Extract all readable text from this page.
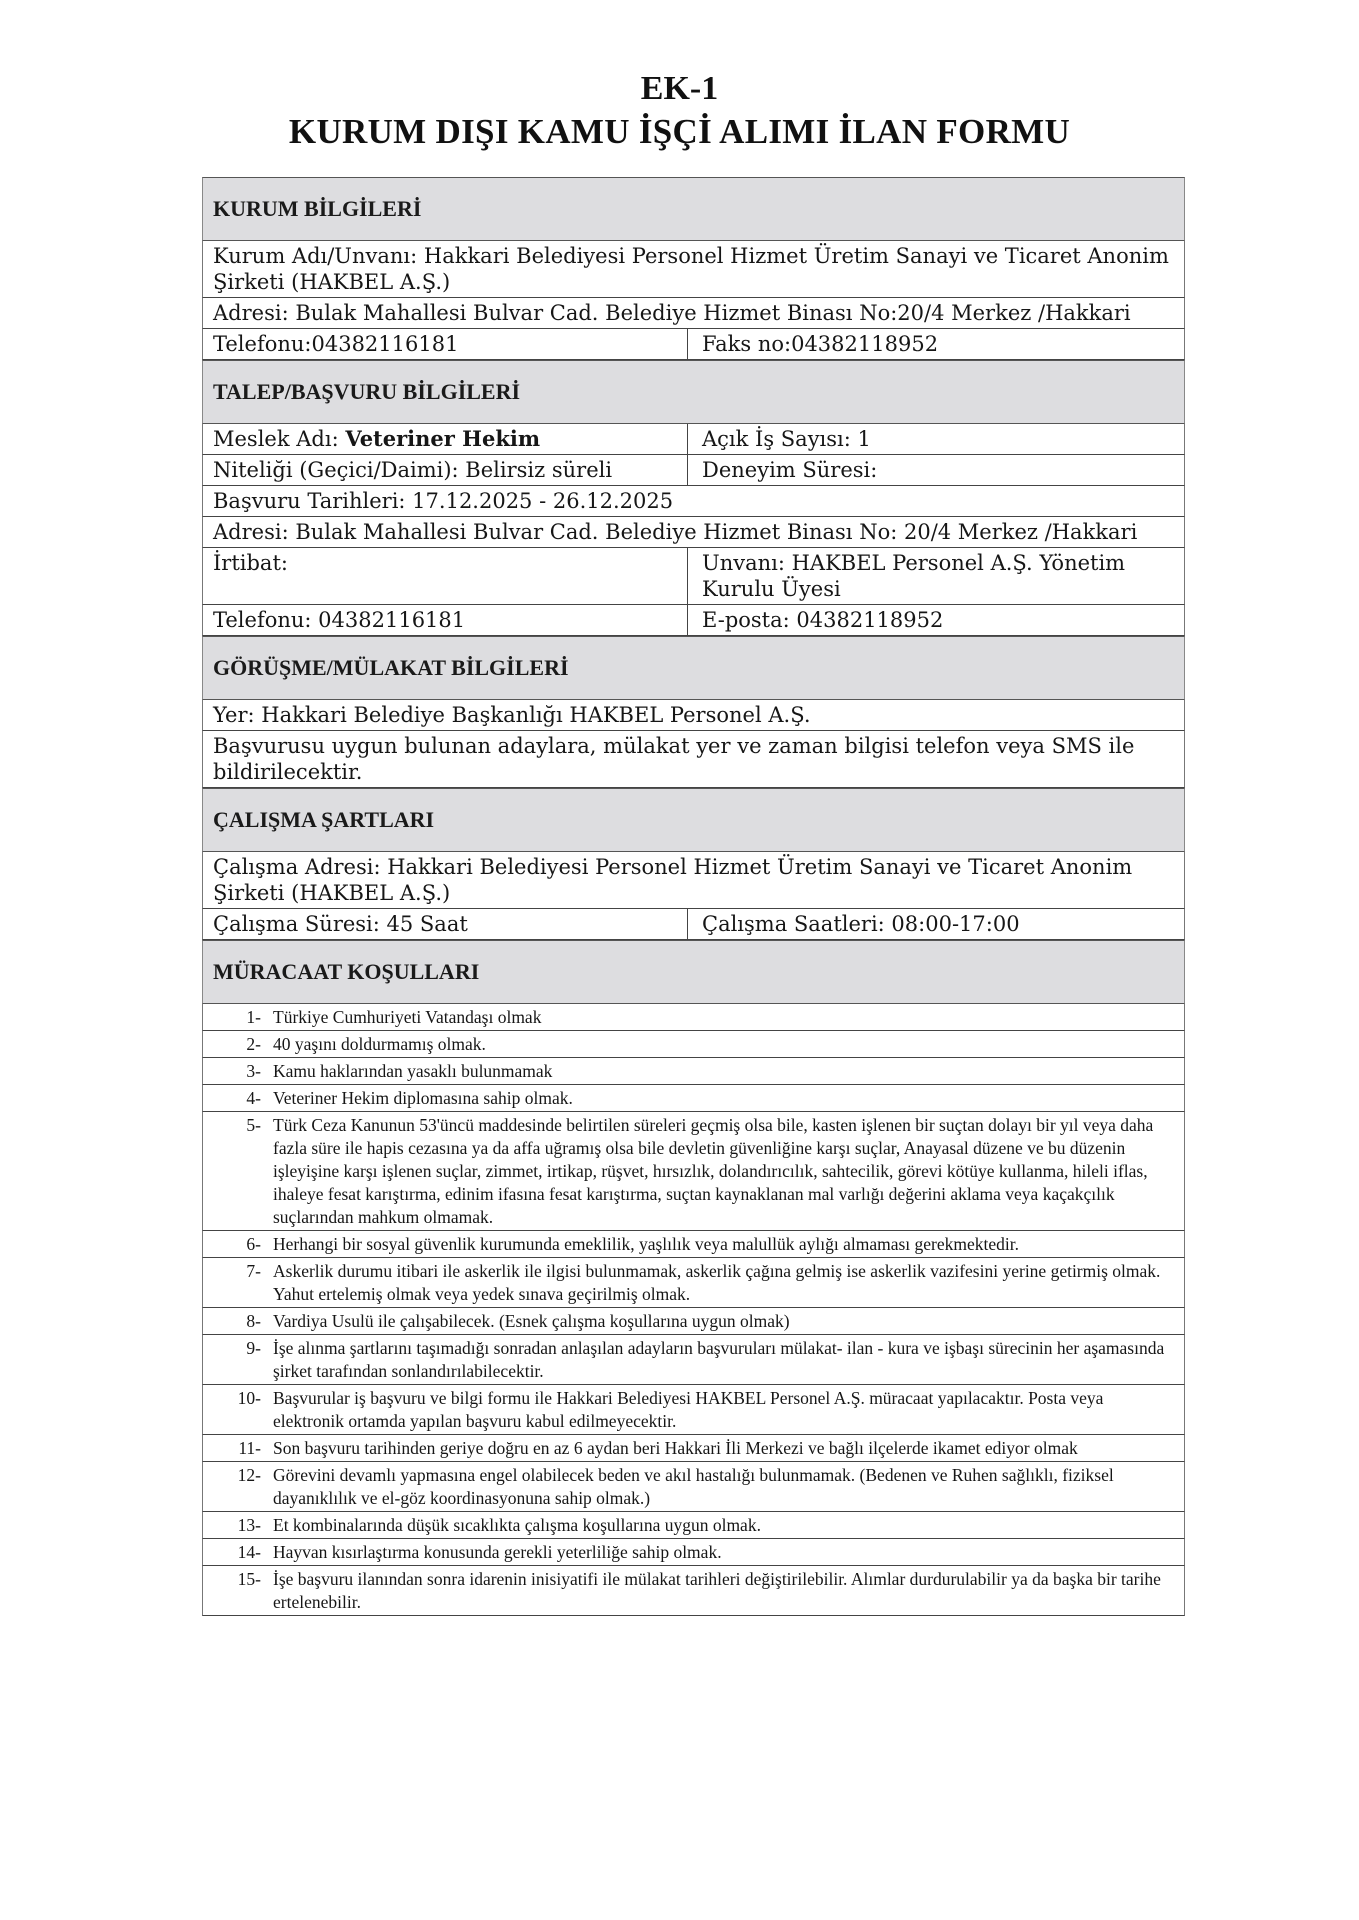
EK-1
KURUM DIŞI KAMU İŞÇİ ALIMI İLAN FORMU
KURUM BİLGİLERİ
Kurum Adı/Unvanı: Hakkari Belediyesi Personel Hizmet Üretim Sanayi ve Ticaret Anonim Şirketi (HAKBEL A.Ş.)
Adresi: Bulak Mahallesi Bulvar Cad. Belediye Hizmet Binası No:20/4 Merkez /Hakkari
Telefonu:04382116181	Faks no:04382118952
TALEP/BAŞVURU BİLGİLERİ
Meslek Adı: Veteriner Hekim	Açık İş Sayısı: 1
Niteliği (Geçici/Daimi): Belirsiz süreli	Deneyim Süresi:
Başvuru Tarihleri: 17.12.2025 - 26.12.2025
Adresi: Bulak Mahallesi Bulvar Cad. Belediye Hizmet Binası No: 20/4 Merkez /Hakkari
İrtibat:	Unvanı: HAKBEL Personel A.Ş. Yönetim Kurulu Üyesi
Telefonu: 04382116181	E-posta: 04382118952
GÖRÜŞME/MÜLAKAT BİLGİLERİ
Yer: Hakkari Belediye Başkanlığı HAKBEL Personel A.Ş.
Başvurusu uygun bulunan adaylara, mülakat yer ve zaman bilgisi telefon veya SMS ile bildirilecektir.
ÇALIŞMA ŞARTLARI
Çalışma Adresi: Hakkari Belediyesi Personel Hizmet Üretim Sanayi ve Ticaret Anonim Şirketi (HAKBEL A.Ş.)
Çalışma Süresi: 45 Saat	Çalışma Saatleri: 08:00-17:00
MÜRACAAT KOŞULLARI
1- Türkiye Cumhuriyeti Vatandaşı olmak
2- 40 yaşını doldurmamış olmak.
3- Kamu haklarından yasaklı bulunmamak
4- Veteriner Hekim diplomasına sahip olmak.
5- Türk Ceza Kanunun 53'üncü maddesinde belirtilen süreleri geçmiş olsa bile, kasten işlenen bir suçtan dolayı bir yıl veya daha fazla süre ile hapis cezasına ya da affa uğramış olsa bile devletin güvenliğine karşı suçlar, Anayasal düzene ve bu düzenin işleyişine karşı işlenen suçlar, zimmet, irtikap, rüşvet, hırsızlık, dolandırıcılık, sahtecilik, görevi kötüye kullanma, hileli iflas, ihaleye fesat karıştırma, edinim ifasına fesat karıştırma, suçtan kaynaklanan mal varlığı değerini aklama veya kaçakçılık suçlarından mahkum olmamak.
6- Herhangi bir sosyal güvenlik kurumunda emeklilik, yaşlılık veya malullük aylığı almaması gerekmektedir.
7- Askerlik durumu itibari ile askerlik ile ilgisi bulunmamak, askerlik çağına gelmiş ise askerlik vazifesini yerine getirmiş olmak. Yahut ertelemiş olmak veya yedek sınava geçirilmiş olmak.
8- Vardiya Usulü ile çalışabilecek. (Esnek çalışma koşullarına uygun olmak)
9- İşe alınma şartlarını taşımadığı sonradan anlaşılan adayların başvuruları mülakat- ilan - kura ve işbaşı sürecinin her aşamasında şirket tarafından sonlandırılabilecektir.
10- Başvurular iş başvuru ve bilgi formu ile Hakkari Belediyesi HAKBEL Personel A.Ş. müracaat yapılacaktır. Posta veya elektronik ortamda yapılan başvuru kabul edilmeyecektir.
11- Son başvuru tarihinden geriye doğru en az 6 aydan beri Hakkari İli Merkezi ve bağlı ilçelerde ikamet ediyor olmak
12- Görevini devamlı yapmasına engel olabilecek beden ve akıl hastalığı bulunmamak. (Bedenen ve Ruhen sağlıklı, fiziksel dayanıklılık ve el-göz koordinasyonuna sahip olmak.)
13- Et kombinalarında düşük sıcaklıkta çalışma koşullarına uygun olmak.
14- Hayvan kısırlaştırma konusunda gerekli yeterliliğe sahip olmak.
15- İşe başvuru ilanından sonra idarenin inisiyatifi ile mülakat tarihleri değiştirilebilir. Alımlar durdurulabilir ya da başka bir tarihe ertelenebilir.
